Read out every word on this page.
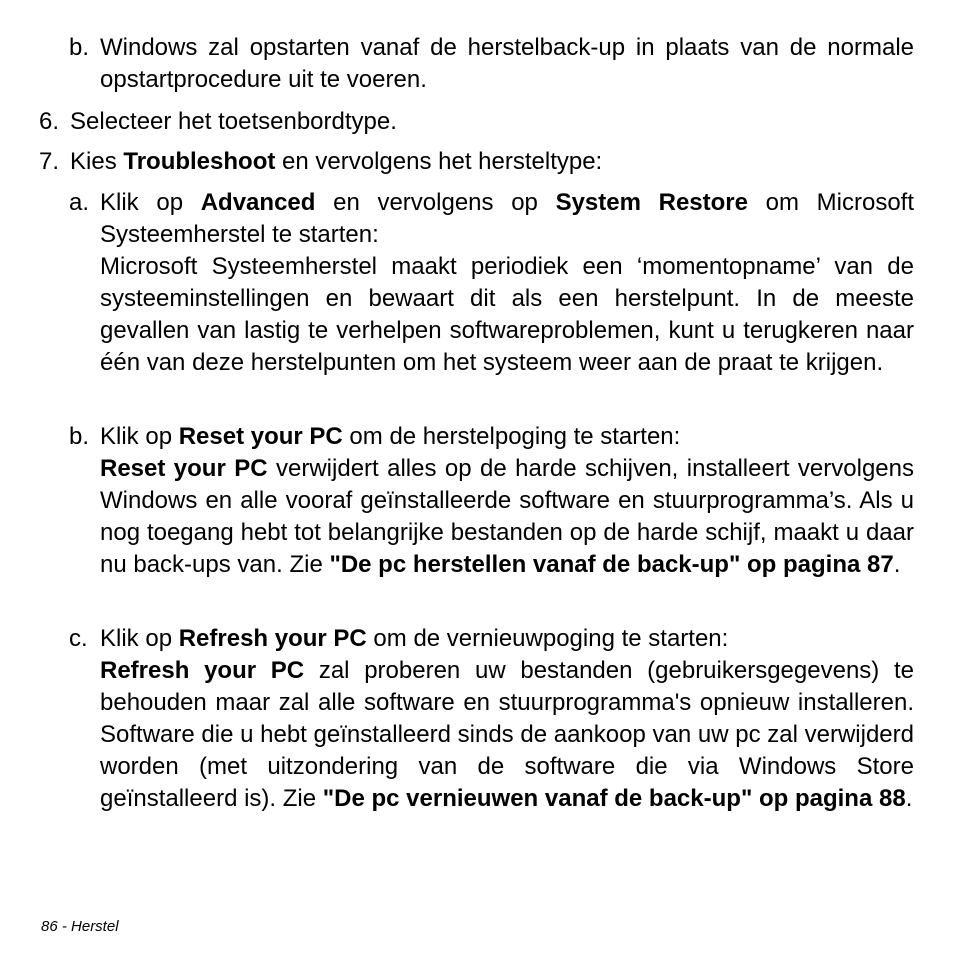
b. Windows zal opstarten vanaf de herstelback-up in plaats van de normale opstartprocedure uit te voeren.
6. Selecteer het toetsenbordtype.
7. Kies Troubleshoot en vervolgens het hersteltype:
a. Klik op Advanced en vervolgens op System Restore om Microsoft Systeemherstel te starten:
Microsoft Systeemherstel maakt periodiek een ‘momentopname’ van de systeeminstellingen en bewaart dit als een herstelpunt. In de meeste gevallen van lastig te verhelpen softwareproblemen, kunt u terugkeren naar één van deze herstelpunten om het systeem weer aan de praat te krijgen.
b. Klik op Reset your PC om de herstelpoging te starten:
Reset your PC verwijdert alles op de harde schijven, installeert vervolgens Windows en alle vooraf geïnstalleerde software en stuurprogramma’s. Als u nog toegang hebt tot belangrijke bestanden op de harde schijf, maakt u daar nu back-ups van. Zie "De pc herstellen vanaf de back-up" op pagina 87.
c. Klik op Refresh your PC om de vernieuwpoging te starten:
Refresh your PC zal proberen uw bestanden (gebruikersgegevens) te behouden maar zal alle software en stuurprogramma's opnieuw installeren. Software die u hebt geïnstalleerd sinds de aankoop van uw pc zal verwijderd worden (met uitzondering van de software die via Windows Store geïnstalleerd is). Zie "De pc vernieuwen vanaf de back-up" op pagina 88.
86 - Herstel
